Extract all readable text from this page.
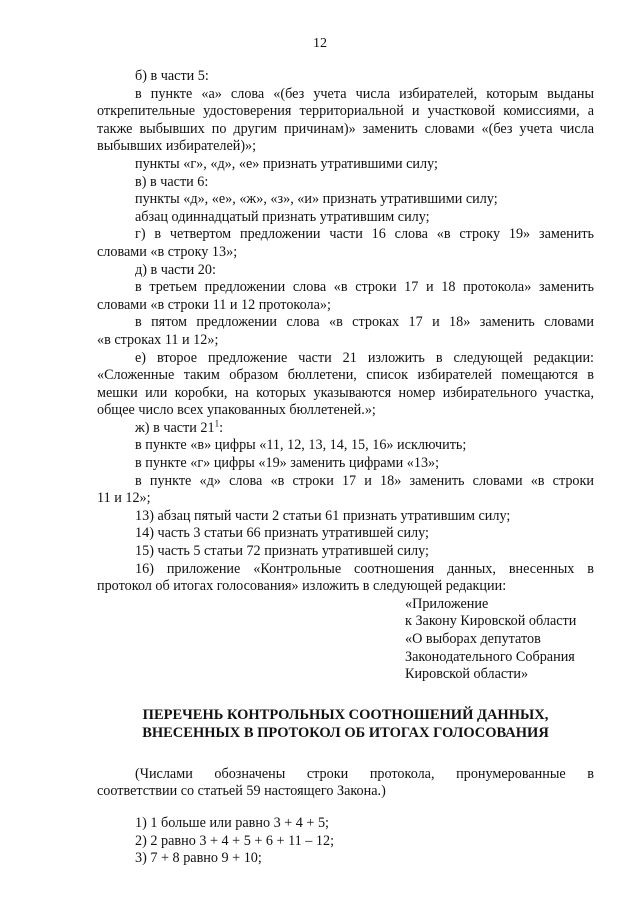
12
б) в части 5:
в пункте «а» слова «(без учета числа избирателей, которым выданы
открепительные удостоверения территориальной и участковой комиссиями, а
также выбывших по другим причинам)» заменить словами «(без учета числа
выбывших избирателей)»;
пункты «г», «д», «е» признать утратившими силу;
в) в части 6:
пункты «д», «е», «ж», «з», «и» признать утратившими силу;
абзац одиннадцатый признать утратившим силу;
г) в четвертом предложении части 16 слова «в строку 19» заменить
словами «в строку 13»;
д) в части 20:
в третьем предложении слова «в строки 17 и 18 протокола» заменить
словами «в строки 11 и 12 протокола»;
в пятом предложении слова «в строках 17 и 18» заменить словами
«в строках 11 и 12»;
е) второе предложение части 21 изложить в следующей редакции:
«Сложенные таким образом бюллетени, список избирателей помещаются в
мешки или коробки, на которых указываются номер избирательного участка,
общее число всех упакованных бюллетеней.»;
ж) в части $21^1$:
в пункте «в» цифры «11, 12, 13, 14, 15, 16» исключить;
в пункте «г» цифры «19» заменить цифрами «13»;
в пункте «д» слова «в строки 17 и 18» заменить словами «в строки
11 и 12»;
13) абзац пятый части 2 статьи 61 признать утратившим силу;
14) часть 3 статьи 66 признать утратившей силу;
15) часть 5 статьи 72 признать утратившей силу;
16) приложение «Контрольные соотношения данных, внесенных в
протокол об итогах голосования» изложить в следующей редакции:
«Приложение
к Закону Кировской области
«О выборах депутатов
Законодательного Собрания
Кировской области»
ПЕРЕЧЕНЬ КОНТРОЛЬНЫХ СООТНОШЕНИЙ ДАННЫХ,
ВНЕСЕННЫХ В ПРОТОКОЛ ОБ ИТОГАХ ГОЛОСОВАНИЯ
(Числами обозначены строки протокола, пронумерованные в
соответствии со статьей 59 настоящего Закона.)
1) 1 больше или равно 3 + 4 + 5;
2) 2 равно 3 + 4 + 5 + 6 + 11 – 12;
3) 7 + 8 равно 9 + 10;
